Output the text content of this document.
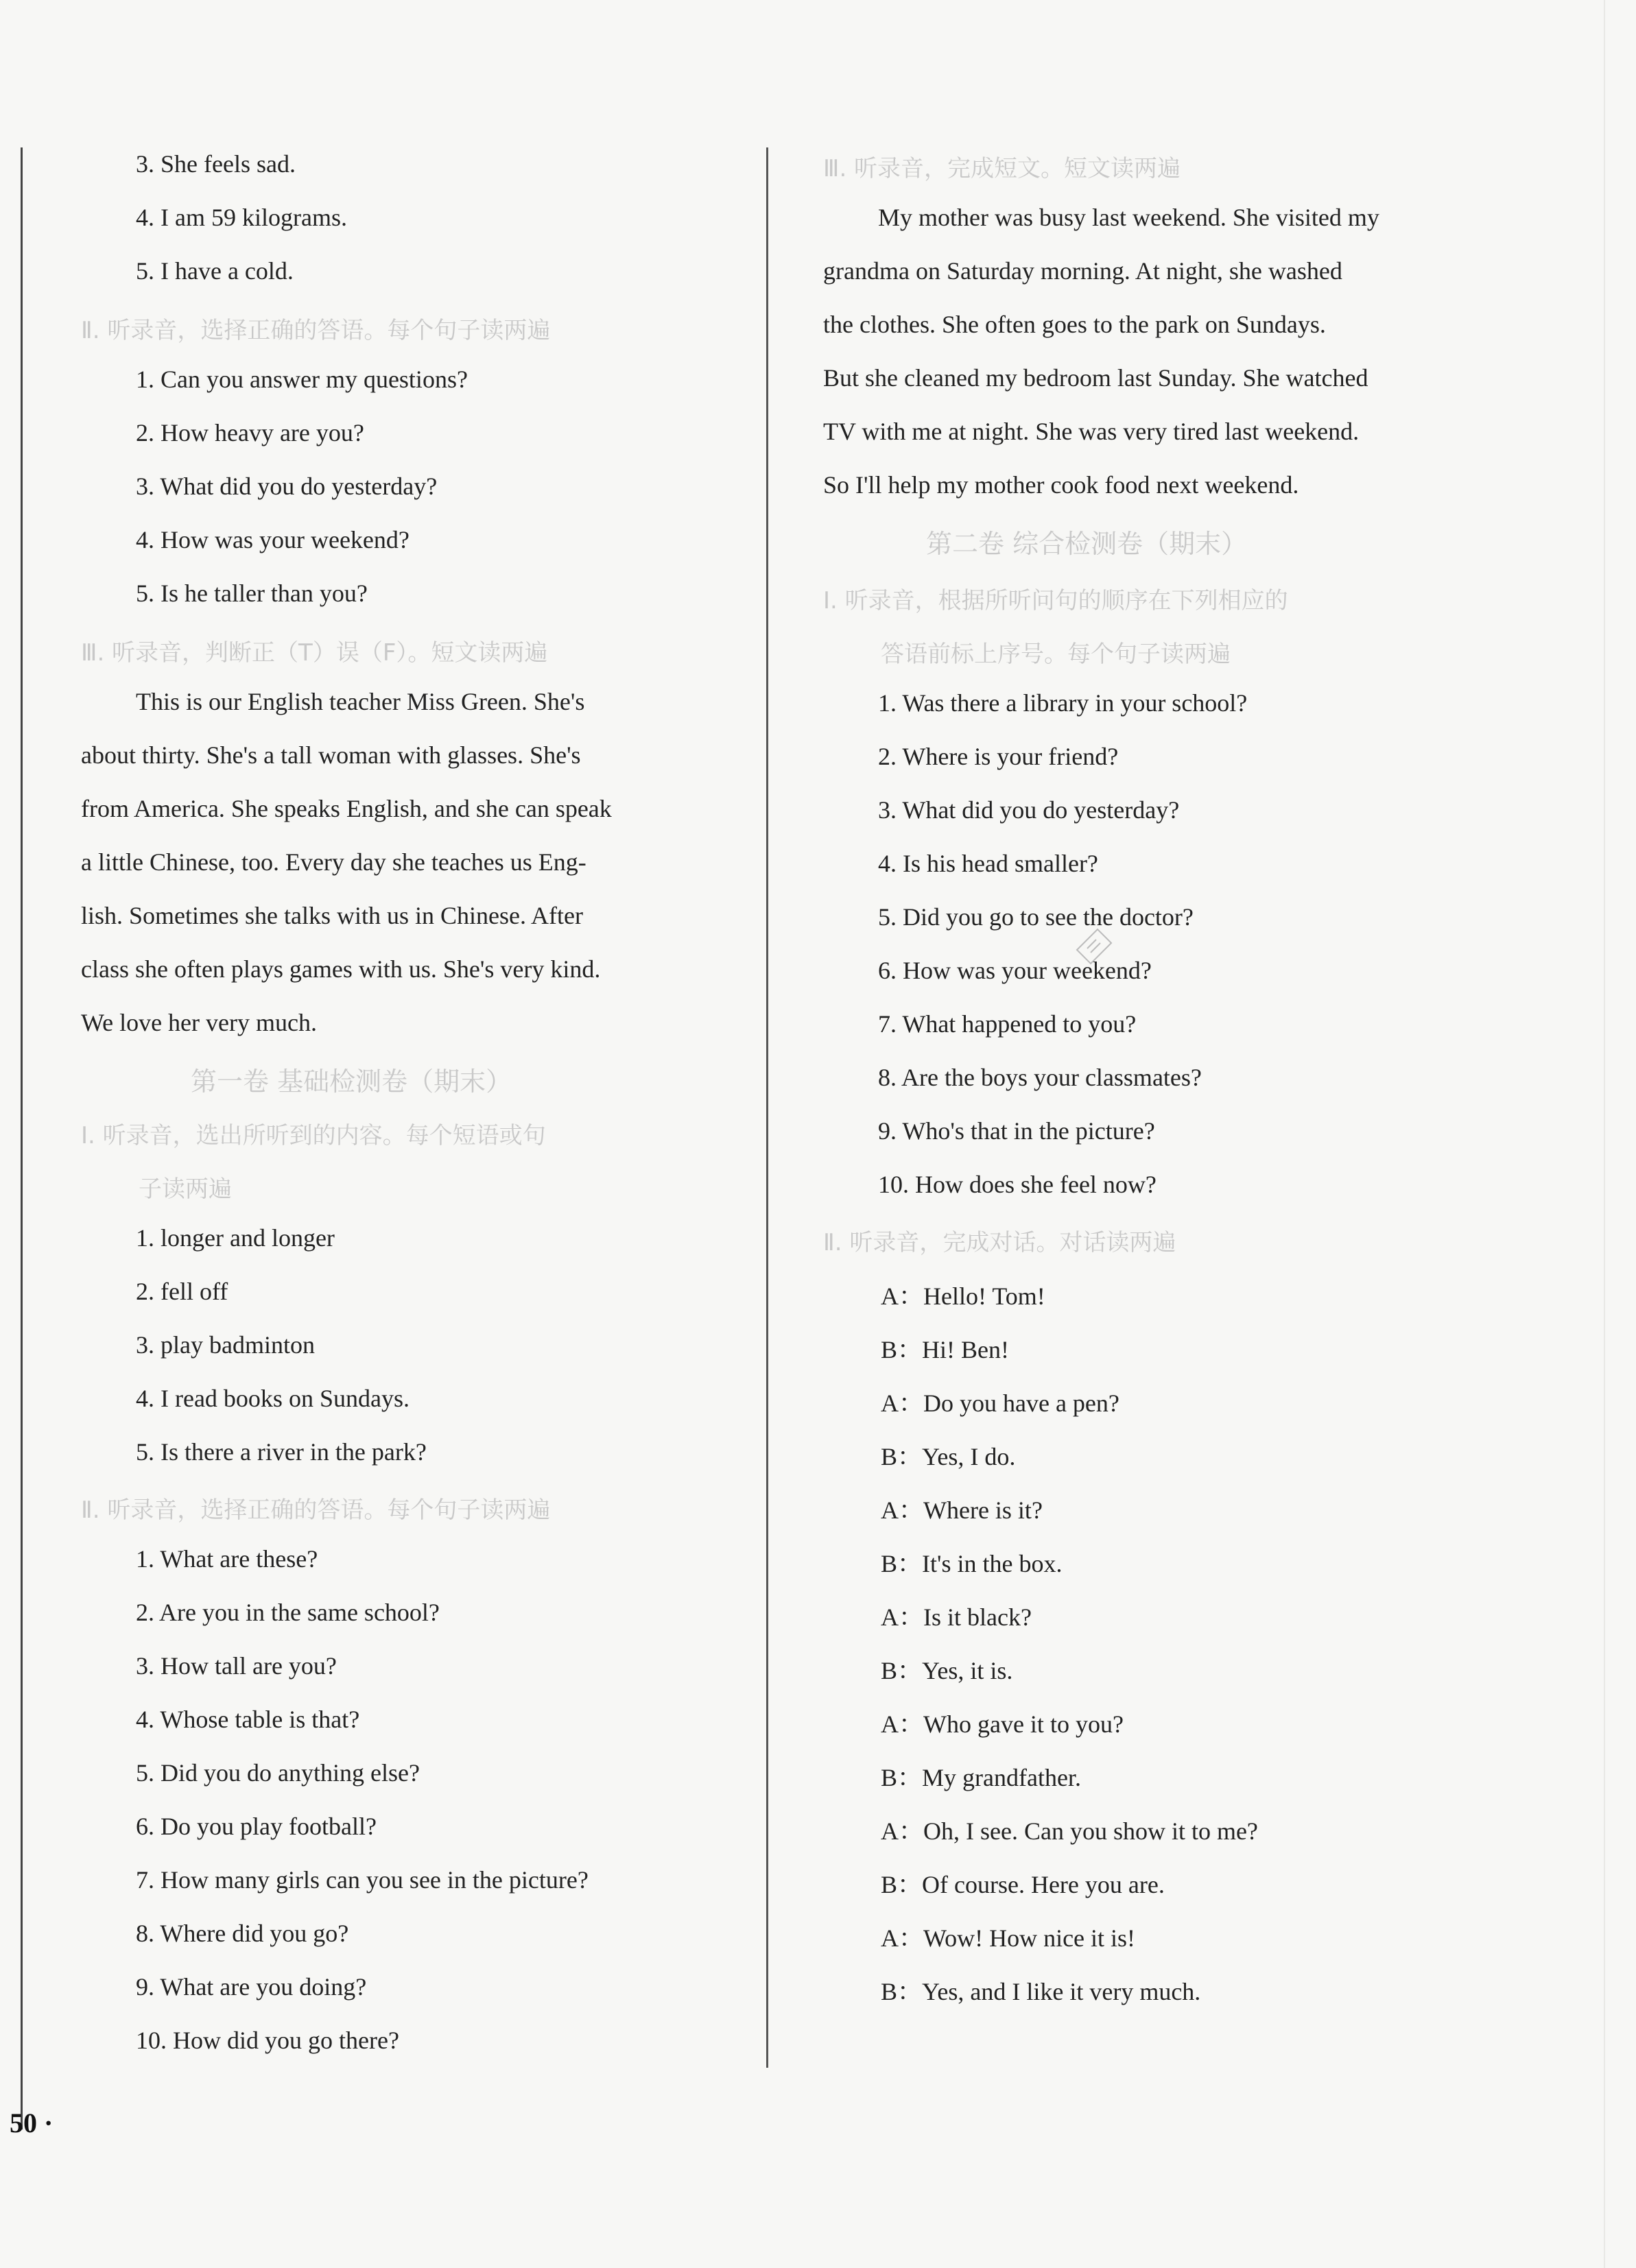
3. She feels sad.
4. I am 59 kilograms.
5. I have a cold.
Ⅱ. 听录音，选择正确的答语。每个句子读两遍
1. Can you answer my questions?
2. How heavy are you?
3. What did you do yesterday?
4. How was your weekend?
5. Is he taller than you?
Ⅲ. 听录音，判断正（T）误（F）。短文读两遍
This is our English teacher Miss Green. She's
about thirty. She's a tall woman with glasses. She's
from America. She speaks English, and she can speak
a little Chinese, too. Every day she teaches us Eng-
lish. Sometimes she talks with us in Chinese. After
class she often plays games with us. She's very kind.
We love her very much.
第一卷 基础检测卷（期末）
Ⅰ. 听录音，选出所听到的内容。每个短语或句
子读两遍
1. longer and longer
2. fell off
3. play badminton
4. I read books on Sundays.
5. Is there a river in the park?
Ⅱ. 听录音，选择正确的答语。每个句子读两遍
1. What are these?
2. Are you in the same school?
3. How tall are you?
4. Whose table is that?
5. Did you do anything else?
6. Do you play football?
7. How many girls can you see in the picture?
8. Where did you go?
9. What are you doing?
10. How did you go there?
Ⅲ. 听录音，完成短文。短文读两遍
My mother was busy last weekend. She visited my
grandma on Saturday morning. At night, she washed
the clothes. She often goes to the park on Sundays.
But she cleaned my bedroom last Sunday. She watched
TV with me at night. She was very tired last weekend.
So I'll help my mother cook food next weekend.
第二卷 综合检测卷（期末）
Ⅰ. 听录音，根据所听问句的顺序在下列相应的
答语前标上序号。每个句子读两遍
1. Was there a library in your school?
2. Where is your friend?
3. What did you do yesterday?
4. Is his head smaller?
5. Did you go to see the doctor?
6. How was your weekend?
7. What happened to you?
8. Are the boys your classmates?
9. Who's that in the picture?
10. How does she feel now?
Ⅱ. 听录音，完成对话。对话读两遍
A：Hello! Tom!
B：Hi! Ben!
A：Do you have a pen?
B：Yes, I do.
A：Where is it?
B：It's in the box.
A：Is it black?
B：Yes, it is.
A：Who gave it to you?
B：My grandfather.
A：Oh, I see. Can you show it to me?
B：Of course. Here you are.
A：Wow! How nice it is!
B：Yes, and I like it very much.
50 ·
